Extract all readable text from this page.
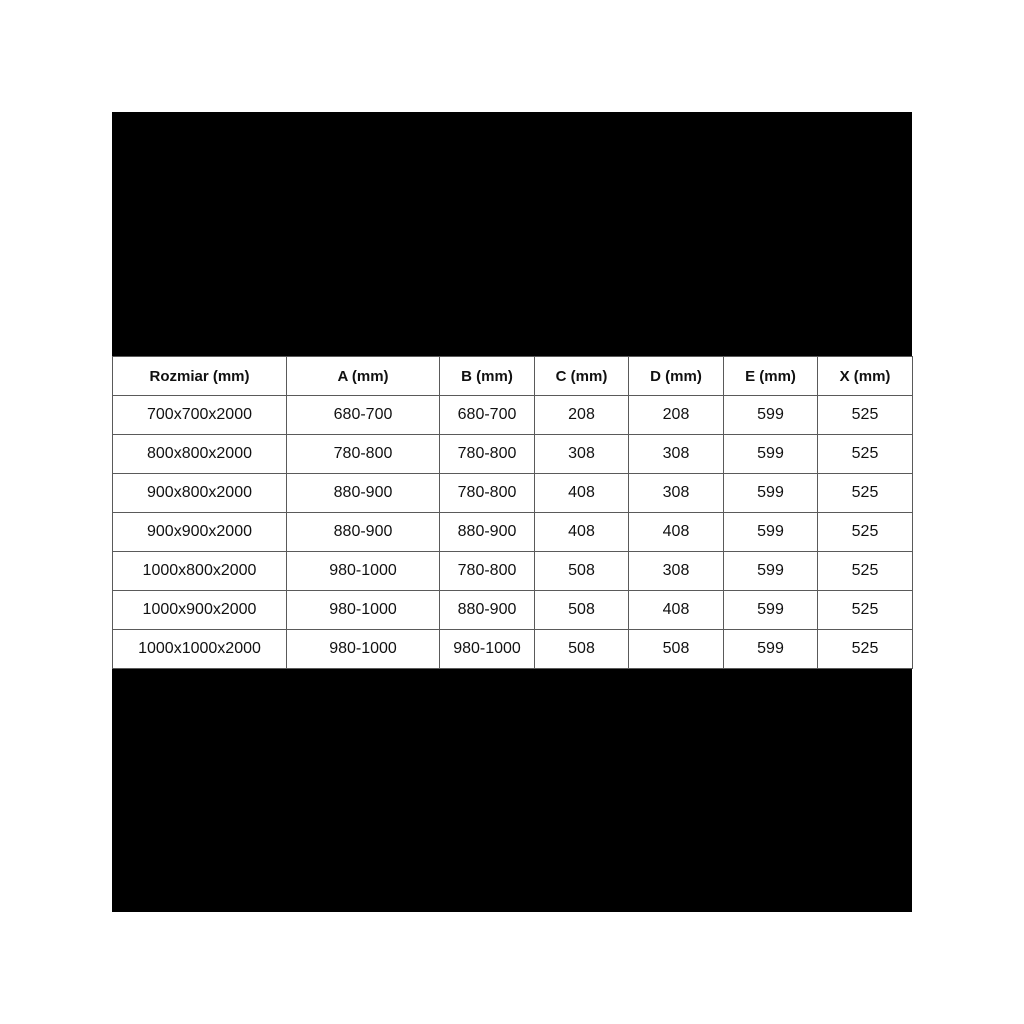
Rozmiar (mm)	A (mm)	B (mm)	C (mm)	D (mm)	E (mm)	X (mm)
700x700x2000	680-700	680-700	208	208	599	525
800x800x2000	780-800	780-800	308	308	599	525
900x800x2000	880-900	780-800	408	308	599	525
900x900x2000	880-900	880-900	408	408	599	525
1000x800x2000	980-1000	780-800	508	308	599	525
1000x900x2000	980-1000	880-900	508	408	599	525
1000x1000x2000	980-1000	980-1000	508	508	599	525
